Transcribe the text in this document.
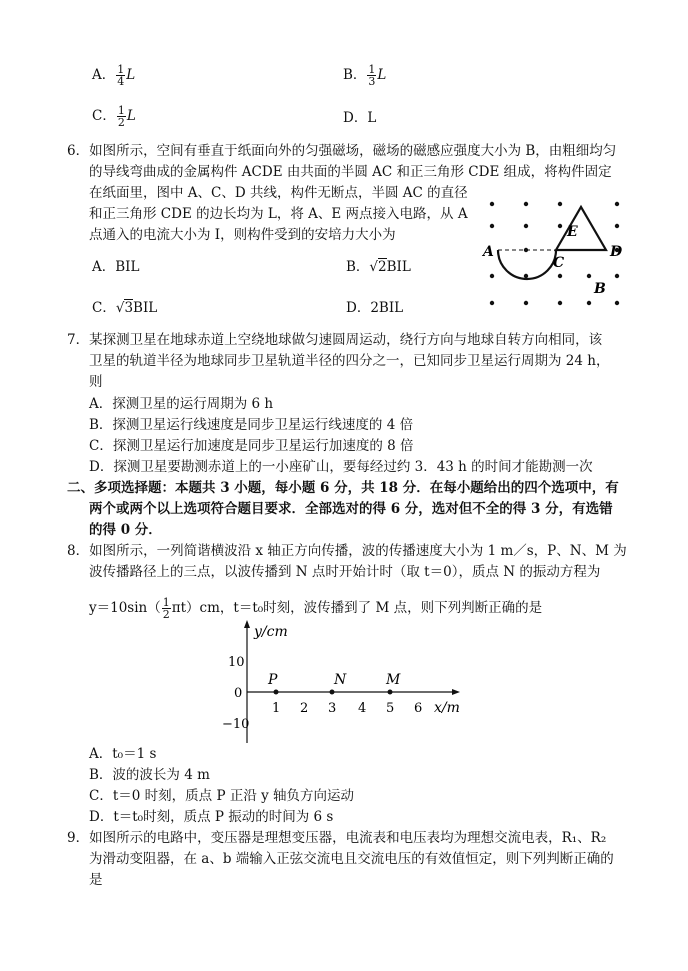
A． $\frac{1}{4}$ L	B． $\frac{1}{3}$ L
C． $\frac{1}{2}$ L	D．L
6．如图所示，空间有垂直于纸面向外的匀强磁场，磁场的磁感应强度大小为 B，由粗细均匀
的导线弯曲成的金属构件 ACDE 由共面的半圆 AC 和正三角形 CDE 组成，将构件固定
在纸面里，图中 A、C、D 共线，构件无断点，半圆 AC 的直径
和正三角形 CDE 的边长均为 L，将 A、E 两点接入电路，从 A
点通入的电流大小为 I，则构件受到的安培力大小为
A．BIL	B．√2BIL
C．√3BIL	D．2BIL
A
C
D
E
B
7．某探测卫星在地球赤道上空绕地球做匀速圆周运动，绕行方向与地球自转方向相同，该
卫星的轨道半径为地球同步卫星轨道半径的四分之一，已知同步卫星运行周期为 24 h，
则
A．探测卫星的运行周期为 6 h
B．探测卫星运行线速度是同步卫星运行线速度的 4 倍
C．探测卫星运行加速度是同步卫星运行加速度的 8 倍
D．探测卫星要勘测赤道上的一小座矿山，要每经过约 3．43 h 的时间才能勘测一次
二、多项选择题：本题共 3 小题，每小题 6 分，共 18 分．在每小题给出的四个选项中，有
两个或两个以上选项符合题目要求．全部选对的得 6 分，选对但不全的得 3 分，有选错
的得 0 分．
8．如图所示，一列简谐横波沿 x 轴正方向传播，波的传播速度大小为 1 m／s，P、N、M 为
波传播路径上的三点，以波传播到 N 点时开始计时（取 t＝0），质点 N 的振动方程为
$y=10\sin( \frac{1}{2} \pi t)cm$，t＝t₀时刻，波传播到了 M 点，则下列判断正确的是
y/cm
x/m
10
0
−10
1 2 3 4 5 6
P	N	M
A．t₀＝1 s
B．波的波长为 4 m
C．t＝0 时刻，质点 P 正沿 y 轴负方向运动
D．t＝t₀时刻，质点 P 振动的时间为 6 s
9．如图所示的电路中，变压器是理想变压器，电流表和电压表均为理想交流电表，R₁、R₂
为滑动变阻器，在 a、b 端输入正弦交流电且交流电压的有效值恒定，则下列判断正确的
是
